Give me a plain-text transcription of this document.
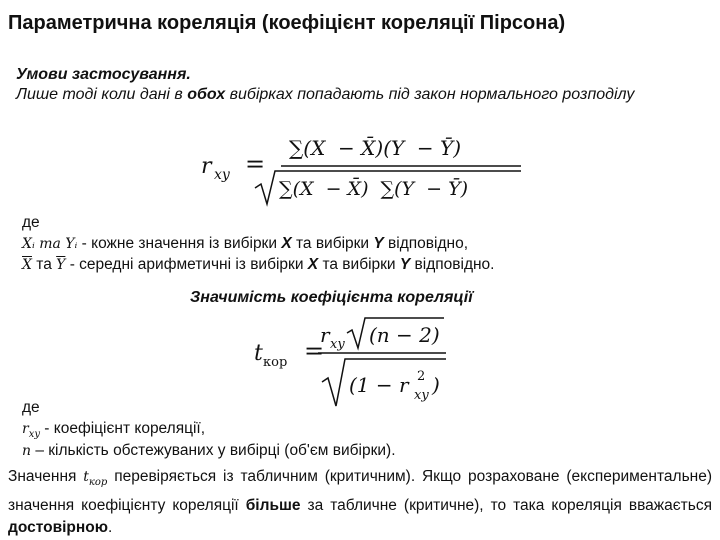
Параметрична кореляція (коефіцієнт кореляції Пірсона)
Умови застосування.
Лише тоді коли дані в обох вибірках попадають під закон нормального розподілу
r xy =
∑(X  − X̄)(Y  − Ȳ)
∑(X  − X̄)  ∑(Y  − Ȳ)
де
Xᵢ та Yᵢ - кожне значення із вибірки X та вибірки Y відповідно,
$\overline{X}$ та $\overline{Y}$ - середні арифметичні із вибірки X та вибірки Y відповідно.
Значимість коефіцієнта кореляції
t кор =
r xy (n − 2)
(1 − r xy
2 )
де
$r_{xy}$ - коефіцієнт кореляції,
n – кількість обстежуваних у вибірці (об'єм вибірки).
Значення $t_{кор}$ перевіряється із табличним (критичним). Якщо розраховане (експериментальне) значення коефіцієнту кореляції більше за табличне (критичне), то така кореляція вважається достовірною.
